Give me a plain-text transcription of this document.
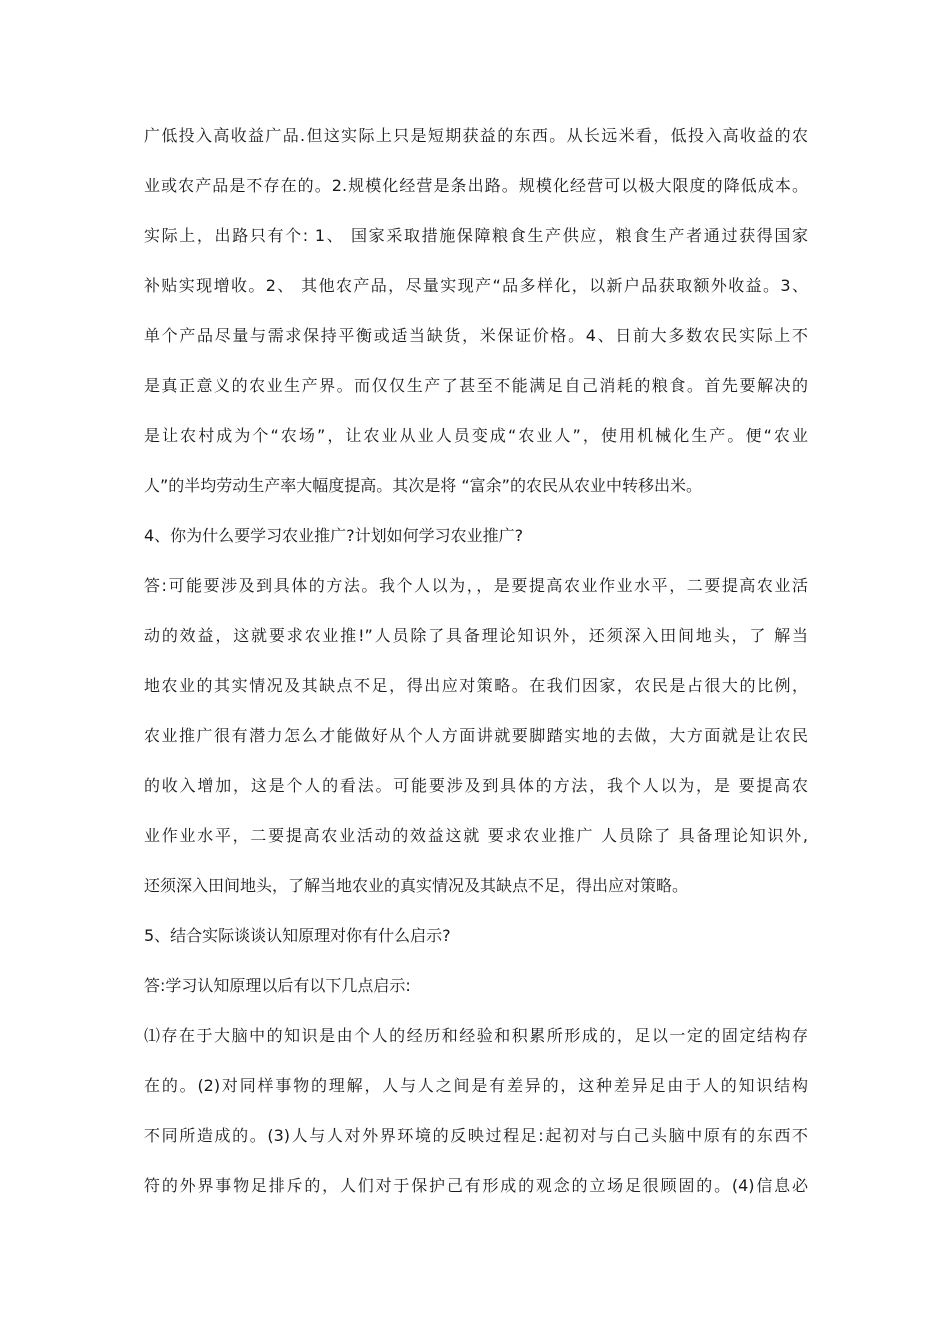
广低投入高收益广品.但这实际上只是短期获益的东西。从长远米看，低投入高收益的农
业或农产品是不存在的。2.规模化经营是条出路。规模化经营可以极大限度的降低成本。
实际上，出路只有个: 1、 国家采取措施保障粮食生产供应，粮食生产者通过获得国家
补贴实现增收。2、 其他农产品，尽量实现产“品多样化，以新户品获取额外收益。3、
单个产品尽量与需求保持平衡或适当缺货，米保证价格。4、日前大多数农民实际上不
是真正意义的农业生产界。而仅仅生产了甚至不能满足自己消耗的粮食。首先要解决的
是让农村成为个“农场”，让农业从业人员变成“农业人”，使用机械化生产。便“农业
人”的半均劳动生产率大幅度提高。其次是将 “富余”的农民从农业中转移出米。
4、你为什么要学习农业推广?计划如何学习农业推广?
答:可能要涉及到具体的方法。我个人以为，，是要提高农业作业水平，二要提高农业活
动的效益，这就要求农业推!”人员除了具备理论知识外，还须深入田间地头，了 解当
地农业的其实情况及其缺点不足，得出应对策略。在我们因家，农民是占很大的比例，
农业推广很有潜力怎么才能做好从个人方面讲就要脚踏实地的去做，大方面就是让农民
的收入增加，这是个人的看法。可能要涉及到具体的方法，我个人以为，是 要提高农
业作业水平，二要提高农业活动的效益这就 要求农业推广 人员除了 具备理论知识外,
还须深入田间地头，了解当地农业的真实情况及其缺点不足，得出应对策略。
5、结合实际谈谈认知原理对你有什么启示?
答:学习认知原理以后有以下几点启示:
⑴存在于大脑中的知识是由个人的经历和经验和积累所形成的，足以一定的固定结构存
在的。(2)对同样事物的理解，人与人之间是有差异的，这种差异足由于人的知识结构
不同所造成的。(3)人与人对外界环境的反映过程足:起初对与白己头脑中原有的东西不
符的外界事物足排斥的，人们对于保护己有形成的观念的立场足很顾固的。(4)信息必
